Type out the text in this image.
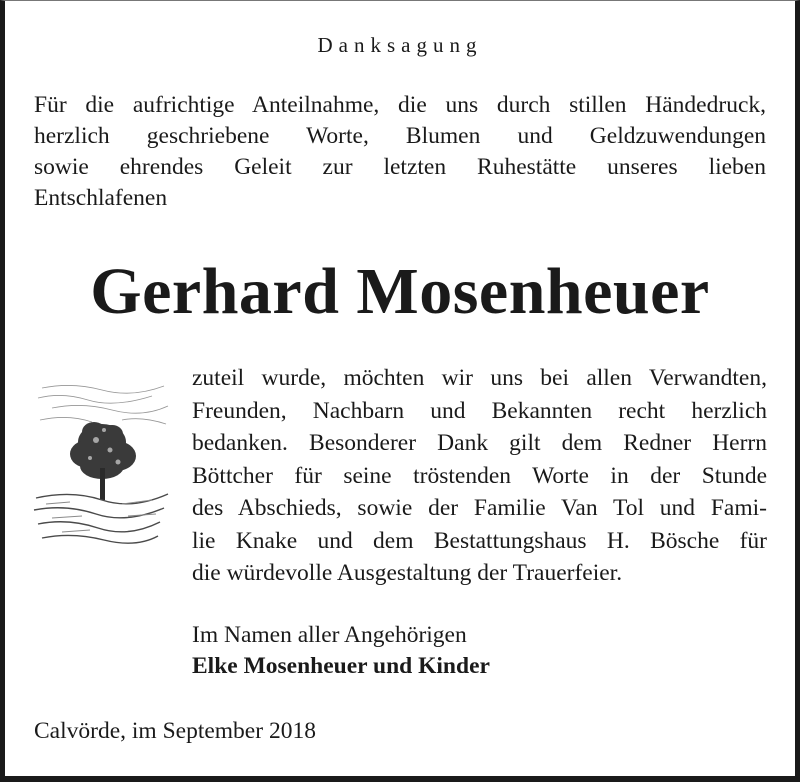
Danksagung
Für die aufrichtige Anteilnahme, die uns durch stillen Händedruck,
herzlich geschriebene Worte, Blumen und Geldzuwendungen
sowie ehrendes Geleit zur letzten Ruhestätte unseres lieben
Entschlafenen
Gerhard Mosenheuer
zuteil wurde, möchten wir uns bei allen Verwandten,
Freunden, Nachbarn und Bekannten recht herzlich
bedanken. Besonderer Dank gilt dem Redner Herrn
Böttcher für seine tröstenden Worte in der Stunde
des Abschieds, sowie der Familie Van Tol und Fami-
lie Knake und dem Bestattungshaus H. Bösche für
die würdevolle Ausgestaltung der Trauerfeier.
Im Namen aller Angehörigen
Elke Mosenheuer und Kinder
Calvörde, im September 2018
